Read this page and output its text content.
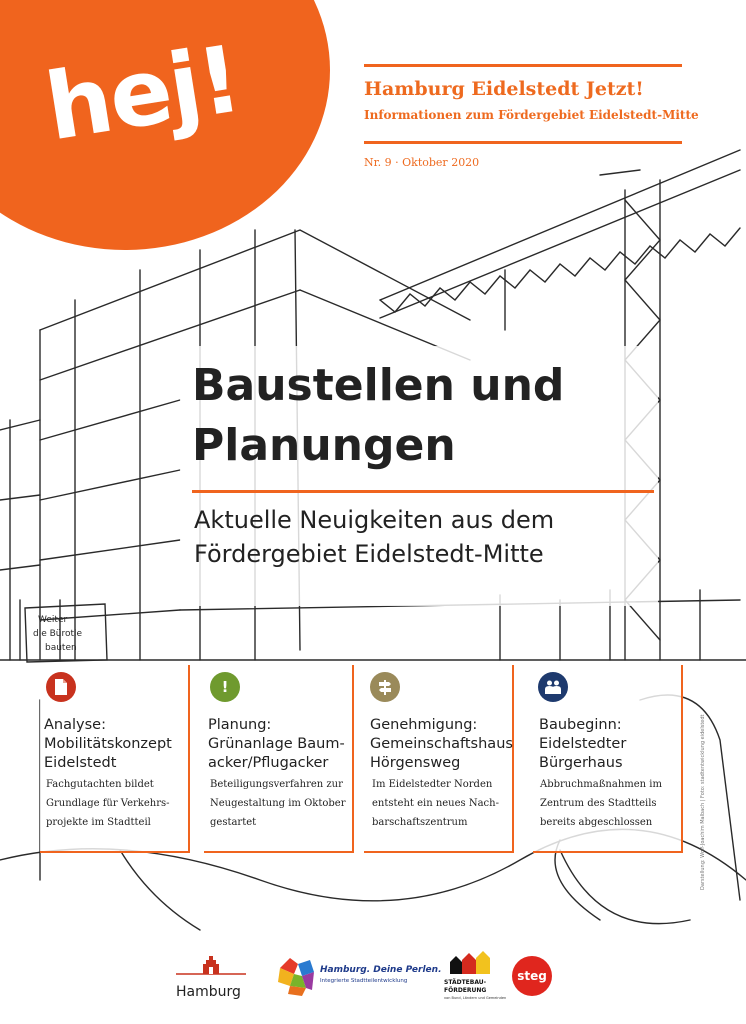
Weiter
die Bürotle
bauten
hej!	Hamburg Eidelstedt Jetzt!
Informationen zum Fördergebiet Eidelstedt-Mitte
Nr. 9 · Oktober 2020
Baustellen und
Planungen
Aktuelle Neuigkeiten aus dem
Fördergebiet Eidelstedt-Mitte
Analyse:
Mobilitätskonzept
Eidelstedt
Fachgutachten bildet
Grundlage für Verkehrs-
projekte im Stadtteil
!
Planung:
Grünanlage Baum-
acker/Pflugacker
Beteiligungsverfahren zur
Neugestaltung im Oktober
gestartet
Genehmigung:
Gemeinschaftshaus
Hörgensweg
Im Eidelstedter Norden
entsteht ein neues Nach-
barschaftszentrum
Baubeginn:
Eidelstedter
Bürgerhaus
Abbruchmaßnahmen im
Zentrum des Stadtteils
bereits abgeschlossen	Darstellung: Wolf-Joachim Malbach | Foto: stadtentwicklung eidelstedt
Hamburg
Hamburg. Deine Perlen.
Integrierte Stadtteilentwicklung	STÄDTEBAU-
FÖRDERUNG
von Bund, Ländern und Gemeinden
steg
